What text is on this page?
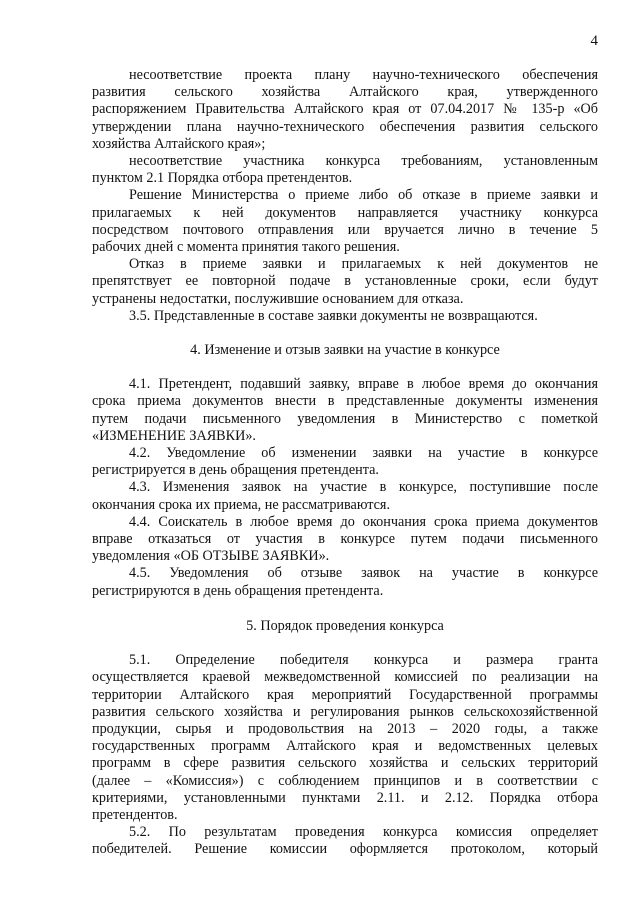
4
несоответствие проекта плану научно-технического обеспечения
развития сельского хозяйства Алтайского края, утвержденного
распоряжением Правительства Алтайского края от 07.04.2017 № 135-р «Об
утверждении плана научно-технического обеспечения развития сельского
хозяйства Алтайского края»;
несоответствие участника конкурса требованиям, установленным
пунктом 2.1 Порядка отбора претендентов.
Решение Министерства о приеме либо об отказе в приеме заявки и
прилагаемых к ней документов направляется участнику конкурса
посредством почтового отправления или вручается лично в течение 5
рабочих дней с момента принятия такого решения.
Отказ в приеме заявки и прилагаемых к ней документов не
препятствует ее повторной подаче в установленные сроки, если будут
устранены недостатки, послужившие основанием для отказа.
3.5. Представленные в составе заявки документы не возвращаются.
4. Изменение и отзыв заявки на участие в конкурсе
4.1. Претендент, подавший заявку, вправе в любое время до окончания
срока приема документов внести в представленные документы изменения
путем подачи письменного уведомления в Министерство с пометкой
«ИЗМЕНЕНИЕ ЗАЯВКИ».
4.2. Уведомление об изменении заявки на участие в конкурсе
регистрируется в день обращения претендента.
4.3. Изменения заявок на участие в конкурсе, поступившие после
окончания срока их приема, не рассматриваются.
4.4. Соискатель в любое время до окончания срока приема документов
вправе отказаться от участия в конкурсе путем подачи письменного
уведомления «ОБ ОТЗЫВЕ ЗАЯВКИ».
4.5. Уведомления об отзыве заявок на участие в конкурсе
регистрируются в день обращения претендента.
5. Порядок проведения конкурса
5.1. Определение победителя конкурса и размера гранта
осуществляется краевой межведомственной комиссией по реализации на
территории Алтайского края мероприятий Государственной программы
развития сельского хозяйства и регулирования рынков сельскохозяйственной
продукции, сырья и продовольствия на 2013 – 2020 годы, а также
государственных программ Алтайского края и ведомственных целевых
программ в сфере развития сельского хозяйства и сельских территорий
(далее – «Комиссия») с соблюдением принципов и в соответствии с
критериями, установленными пунктами 2.11. и 2.12. Порядка отбора
претендентов.
5.2. По результатам проведения конкурса комиссия определяет
победителей. Решение комиссии оформляется протоколом, который
